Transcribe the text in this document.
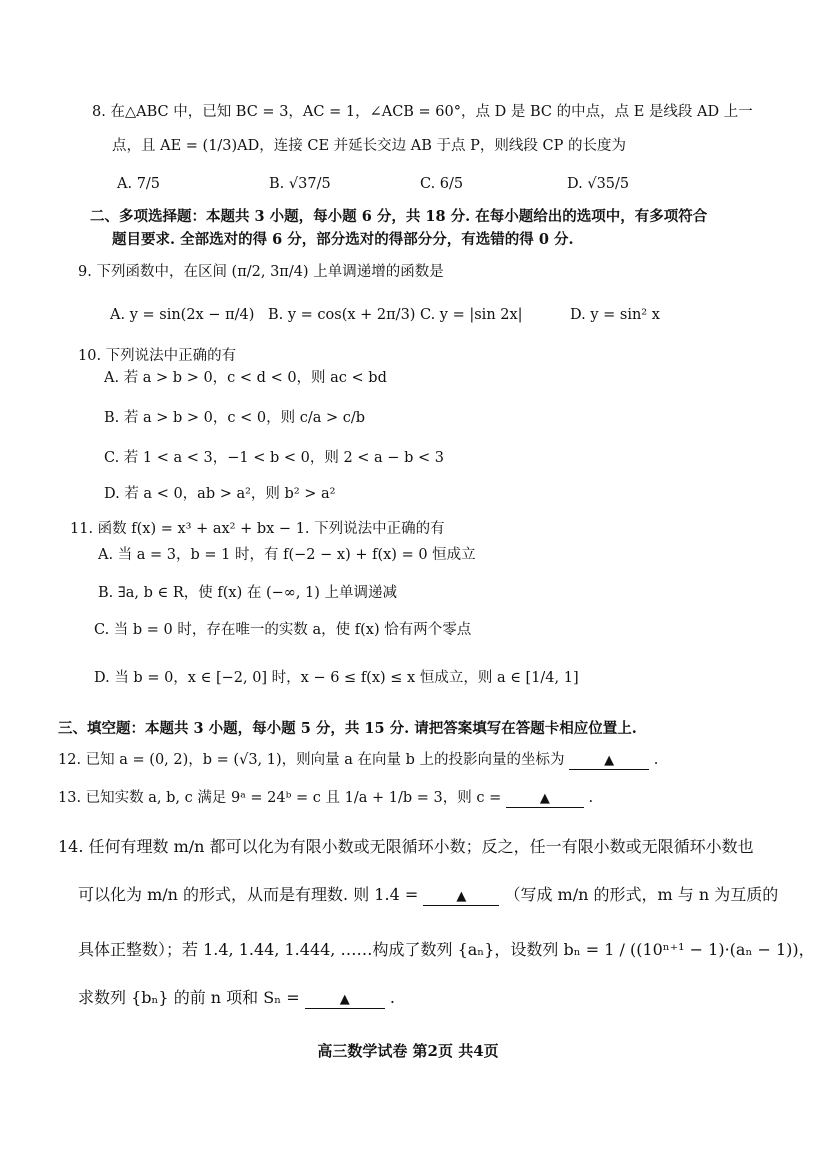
8. 在△ABC 中，已知 BC = 3，AC = 1，∠ACB = 60°，点 D 是 BC 的中点，点 E 是线段 AD 上一
点，且 AE = (1/3)AD，连接 CE 并延长交边 AB 于点 P，则线段 CP 的长度为
A. 7/5	B. √37/5	C. 6/5	D. √35/5
二、多项选择题：本题共 3 小题，每小题 6 分，共 18 分. 在每小题给出的选项中，有多项符合
题目要求. 全部选对的得 6 分，部分选对的得部分分，有选错的得 0 分.
9. 下列函数中，在区间 (π/2, 3π/4) 上单调递增的函数是
A. y = sin(2x − π/4) B. y = cos(x + 2π/3) C. y = |sin 2x|	D. y = sin² x
10. 下列说法中正确的有
A. 若 a > b > 0，c < d < 0，则 ac < bd
B. 若 a > b > 0，c < 0，则 c/a > c/b
C. 若 1 < a < 3，−1 < b < 0，则 2 < a − b < 3
D. 若 a < 0，ab > a²，则 b² > a²
11. 函数 f(x) = x³ + ax² + bx − 1. 下列说法中正确的有
A. 当 a = 3，b = 1 时，有 f(−2 − x) + f(x) = 0 恒成立
B. ∃a, b ∈ R，使 f(x) 在 (−∞, 1) 上单调递减
C. 当 b = 0 时，存在唯一的实数 a，使 f(x) 恰有两个零点
D. 当 b = 0，x ∈ [−2, 0] 时，x − 6 ≤ f(x) ≤ x 恒成立，则 a ∈ [1/4, 1]
三、填空题：本题共 3 小题，每小题 5 分，共 15 分. 请把答案填写在答题卡相应位置上.
12. 已知 a = (0, 2)，b = (√3, 1)，则向量 a 在向量 b 上的投影向量的坐标为	▲	.
13. 已知实数 a, b, c 满足 9ᵃ = 24ᵇ = c 且 1/a + 1/b = 3，则 c =	▲	.
14. 任何有理数 m/n 都可以化为有限小数或无限循环小数；反之，任一有限小数或无限循环小数也
可以化为 m/n 的形式，从而是有理数. 则 1.4̇ =	▲ （写成 m/n 的形式，m 与 n 为互质的
具体正整数）；若 1.4, 1.44, 1.444, ……构成了数列 {aₙ}，设数列 bₙ = 1 / ((10ⁿ⁺¹ − 1)·(aₙ − 1))，
求数列 {bₙ} 的前 n 项和 Sₙ =	▲	.
高三数学试卷 第2页 共4页
